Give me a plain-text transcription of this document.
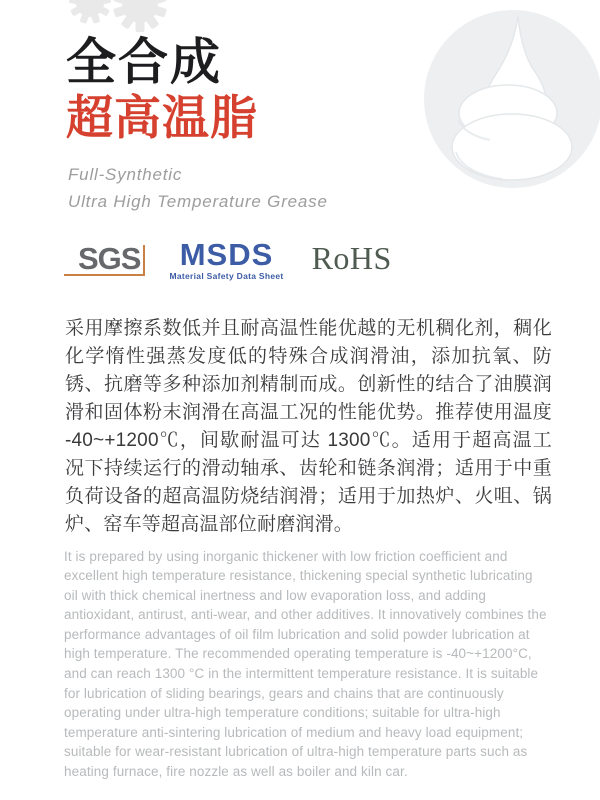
全合成
超高温脂
Full-Synthetic
Ultra High Temperature Grease
SGS	MSDS
Material Safety Data Sheet RoHS

采用摩擦系数低并且耐高温性能优越的无机稠化剂，稠化化学惰性强蒸发度低的特殊合成润滑油，添加抗氧、防锈、抗磨等多种添加剂精制而成。创新性的结合了油膜润滑和固体粉末润滑在高温工况的性能优势。推荐使用温度 -40~+1200℃，间歇耐温可达 1300℃。适用于超高温工况下持续运行的滑动轴承、齿轮和链条润滑；适用于中重负荷设备的超高温防烧结润滑；适用于加热炉、火咀、锅炉、窑车等超高温部位耐磨润滑。

It is prepared by using inorganic thickener with low friction coefficient and excellent high temperature resistance, thickening special synthetic lubricating oil with thick chemical inertness and low evaporation loss, and adding antioxidant, antirust, anti-wear, and other additives. It innovatively combines the performance advantages of oil film lubrication and solid powder lubrication at high temperature. The recommended operating temperature is -40~+1200°C, and can reach 1300 °C in the intermittent temperature resistance. It is suitable for lubrication of sliding bearings, gears and chains that are continuously operating under ultra-high temperature conditions; suitable for ultra-high temperature anti-sintering lubrication of medium and heavy load equipment; suitable for wear-resistant lubrication of ultra-high temperature parts such as heating furnace, fire nozzle as well as boiler and kiln car.
